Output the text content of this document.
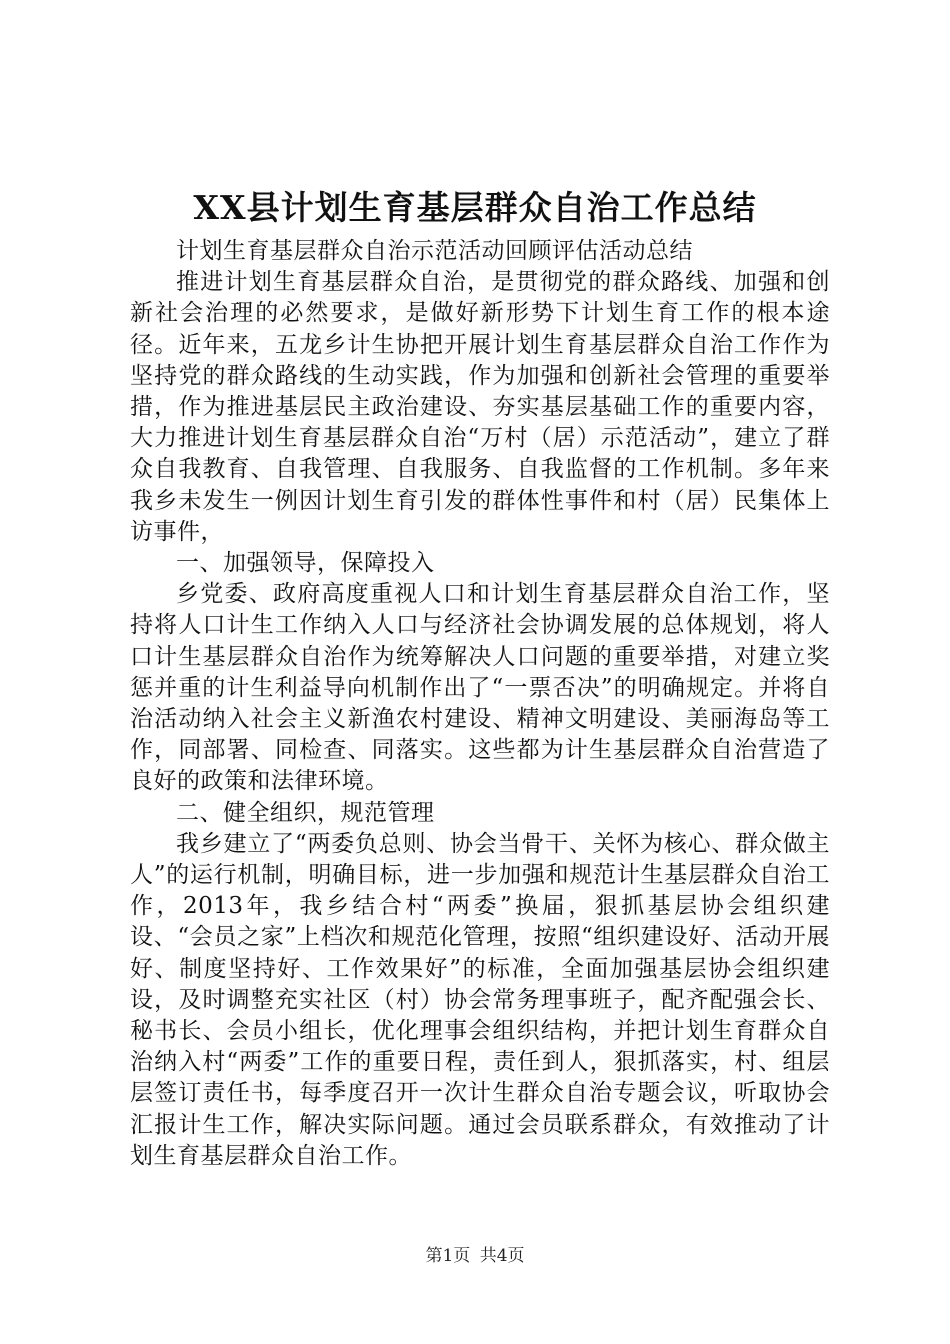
XX县计划生育基层群众自治工作总结

计划生育基层群众自治示范活动回顾评估活动总结

推进计划生育基层群众自治，是贯彻党的群众路线、加强和创新社会治理的必然要求，是做好新形势下计划生育工作的根本途径。近年来，五龙乡计生协把开展计划生育基层群众自治工作作为坚持党的群众路线的生动实践，作为加强和创新社会管理的重要举措，作为推进基层民主政治建设、夯实基层基础工作的重要内容，大力推进计划生育基层群众自治“万村（居）示范活动”，建立了群众自我教育、自我管理、自我服务、自我监督的工作机制。多年来我乡未发生一例因计划生育引发的群体性事件和村（居）民集体上访事件，

一、加强领导，保障投入

乡党委、政府高度重视人口和计划生育基层群众自治工作，坚持将人口计生工作纳入人口与经济社会协调发展的总体规划，将人口计生基层群众自治作为统筹解决人口问题的重要举措，对建立奖惩并重的计生利益导向机制作出了“一票否决”的明确规定。并将自治活动纳入社会主义新渔农村建设、精神文明建设、美丽海岛等工作，同部署、同检查、同落实。这些都为计生基层群众自治营造了良好的政策和法律环境。

二、健全组织，规范管理

我乡建立了“两委负总则、协会当骨干、关怀为核心、群众做主人”的运行机制，明确目标，进一步加强和规范计生基层群众自治工作，2013年，我乡结合村“两委”换届，狠抓基层协会组织建设、“会员之家”上档次和规范化管理，按照“组织建设好、活动开展好、制度坚持好、工作效果好”的标准，全面加强基层协会组织建设，及时调整充实社区（村）协会常务理事班子，配齐配强会长、秘书长、会员小组长，优化理事会组织结构，并把计划生育群众自治纳入村“两委”工作的重要日程，责任到人，狠抓落实，村、组层层签订责任书，每季度召开一次计生群众自治专题会议，听取协会汇报计生工作，解决实际问题。通过会员联系群众，有效推动了计划生育基层群众自治工作。

第1页 共4页
